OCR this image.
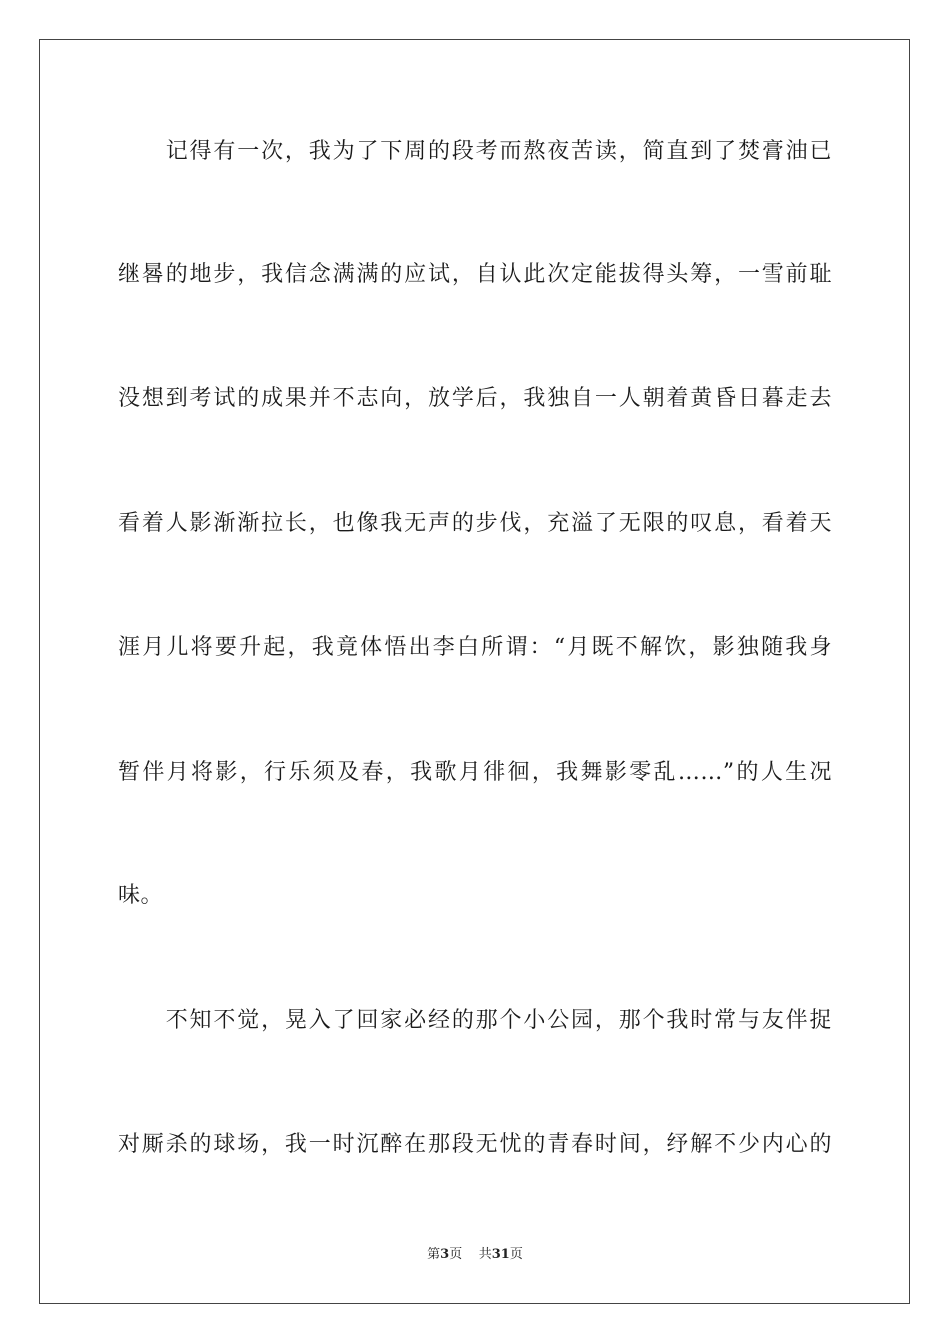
　　记得有一次，我为了下周的段考而熬夜苦读，简直到了焚膏油已
继晷的地步，我信念满满的应试，自认此次定能拔得头筹，一雪前耻
没想到考试的成果并不志向，放学后，我独自一人朝着黄昏日暮走去
看着人影渐渐拉长，也像我无声的步伐，充溢了无限的叹息，看着天
涯月儿将要升起，我竟体悟出李白所谓：“月既不解饮，影独随我身
暂伴月将影，行乐须及春，我歌月徘徊，我舞影零乱……”的人生况
味。
　　不知不觉，晃入了回家必经的那个小公园，那个我时常与友伴捉
对厮杀的球场，我一时沉醉在那段无忧的青春时间，纾解不少内心的
第3页 共31页
